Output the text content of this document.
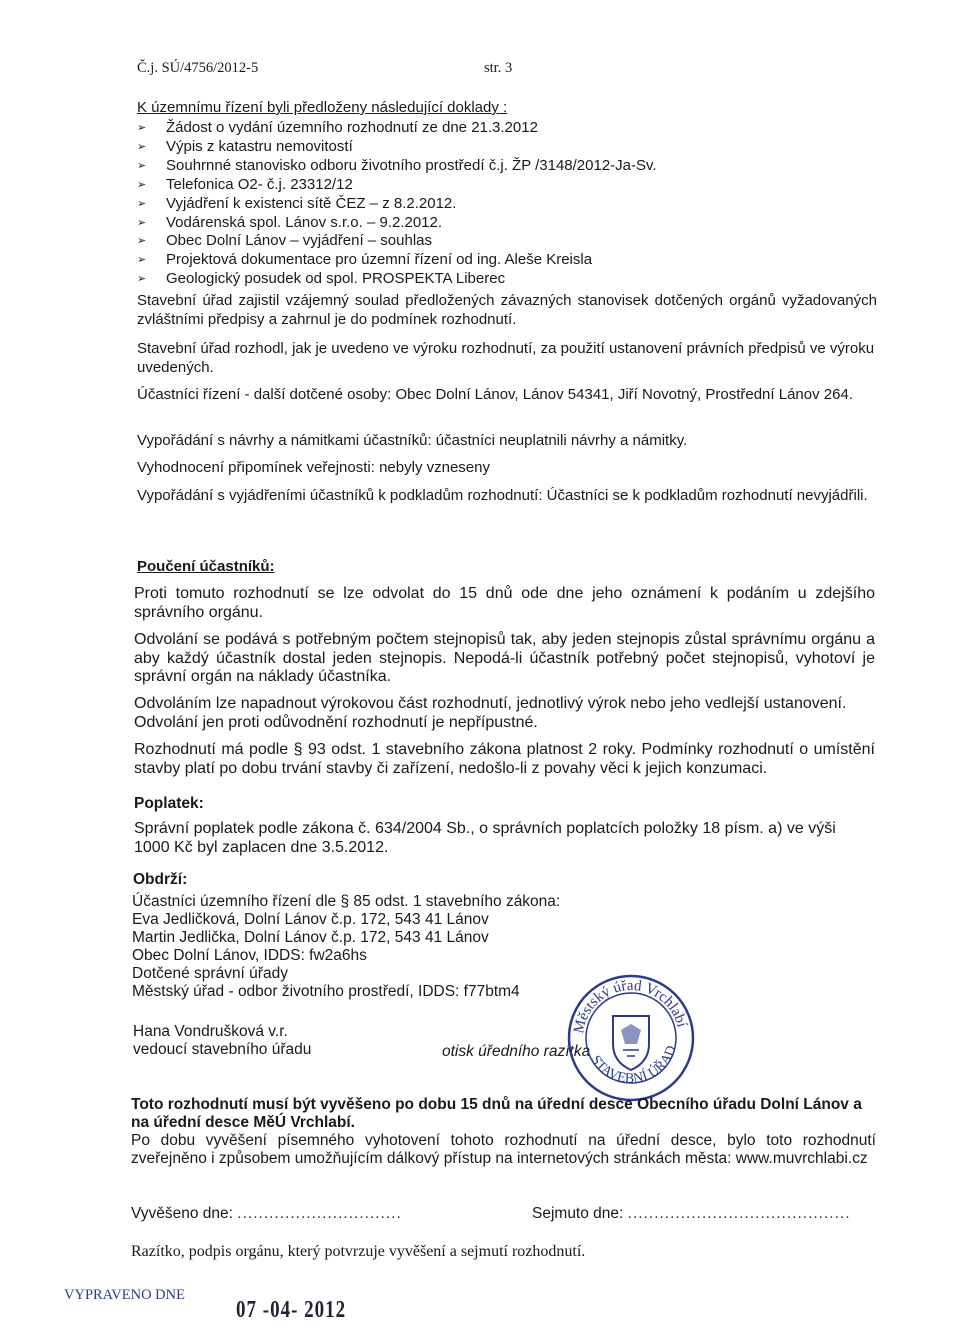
Č.j. SÚ/4756/2012-5	str. 3
K územnímu řízení byli předloženy následující doklady :
➢ Žádost o vydání územního rozhodnutí ze dne 21.3.2012
➢ Výpis z katastru nemovitostí
➢ Souhrnné stanovisko odboru životního prostředí č.j. ŽP /3148/2012-Ja-Sv.
➢ Telefonica O2- č.j. 23312/12
➢ Vyjádření k existenci sítě ČEZ – z 8.2.2012.
➢ Vodárenská spol. Lánov s.r.o. – 9.2.2012.
➢ Obec Dolní Lánov – vyjádření – souhlas
➢ Projektová dokumentace pro územní řízení od ing. Aleše Kreisla
➢ Geologický posudek od spol. PROSPEKTA Liberec

Stavební úřad zajistil vzájemný soulad předložených závazných stanovisek dotčených orgánů vyžadovaných zvláštními předpisy a zahrnul je do podmínek rozhodnutí.

Stavební úřad rozhodl, jak je uvedeno ve výroku rozhodnutí, za použití ustanovení právních předpisů ve výroku uvedených.

Účastníci řízení - další dotčené osoby: Obec Dolní Lánov, Lánov 54341, Jiří Novotný, Prostřední Lánov 264.

Vypořádání s návrhy a námitkami účastníků: účastníci neuplatnili návrhy a námitky.

Vyhodnocení připomínek veřejnosti: nebyly vzneseny

Vypořádání s vyjádřeními účastníků k podkladům rozhodnutí: Účastníci se k podkladům rozhodnutí nevyjádřili.

Poučení účastníků:

Proti tomuto rozhodnutí se lze odvolat do 15 dnů ode dne jeho oznámení k podáním u zdejšího správního orgánu.

Odvolání se podává s potřebným počtem stejnopisů tak, aby jeden stejnopis zůstal správnímu orgánu a aby každý účastník dostal jeden stejnopis. Nepodá-li účastník potřebný počet stejnopisů, vyhotoví je správní orgán na náklady účastníka.

Odvoláním lze napadnout výrokovou část rozhodnutí, jednotlivý výrok nebo jeho vedlejší ustanovení. Odvolání jen proti odůvodnění rozhodnutí je nepřípustné.

Rozhodnutí má podle § 93 odst. 1 stavebního zákona platnost 2 roky. Podmínky rozhodnutí o umístění stavby platí po dobu trvání stavby či zařízení, nedošlo-li z povahy věci k jejich konzumaci.

Poplatek:

Správní poplatek podle zákona č. 634/2004 Sb., o správních poplatcích položky 18 písm. a) ve výši 1000 Kč byl zaplacen dne 3.5.2012.

Obdrží:
Účastníci územního řízení dle § 85 odst. 1 stavebního zákona:
Eva Jedličková, Dolní Lánov č.p. 172, 543 41 Lánov
Martin Jedlička, Dolní Lánov č.p. 172, 543 41 Lánov
Obec Dolní Lánov, IDDS: fw2a6hs
Dotčené správní úřady
Městský úřad - odbor životního prostředí, IDDS: f77btm4
Hana Vondrušková v.r.
vedoucí stavebního úřadu	otisk úředního razítka
Městský úřad Vrchlabí
STAVEBNÍ ÚŘAD
Toto rozhodnutí musí být vyvěšeno po dobu 15 dnů na úřední desce Obecního úřadu Dolní Lánov a na úřední desce MěÚ Vrchlabí.

Po dobu vyvěšení písemného vyhotovení tohoto rozhodnutí na úřední desce, bylo toto rozhodnutí zveřejněno i způsobem umožňujícím dálkový přístup na internetových stránkách města: www.muvrchlabi.cz

Vyvěšeno dne: ...............................	Sejmuto dne: ..........................................
Razítko, podpis orgánu, který potvrzuje vyvěšení a sejmutí rozhodnutí.
VYPRAVENO DNE
07 -04- 2012
